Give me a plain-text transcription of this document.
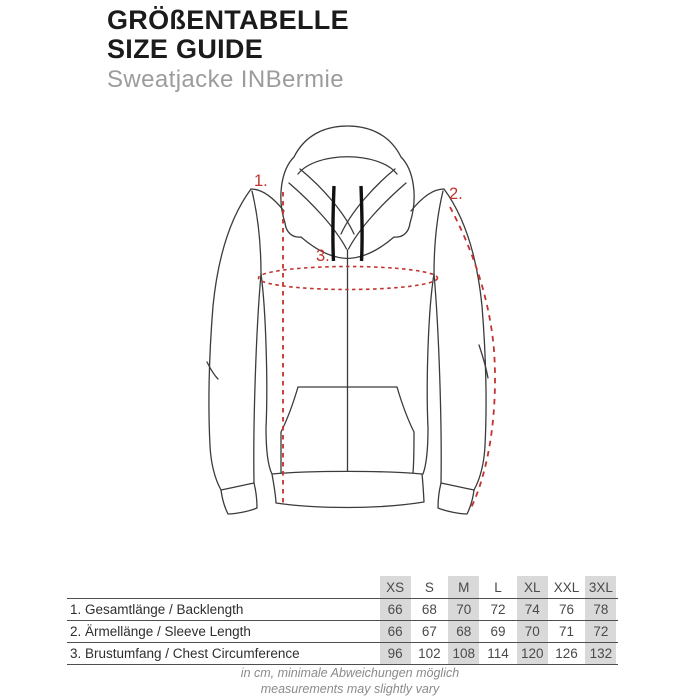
GRÖßENTABELLE
SIZE GUIDE
Sweatjacke INBermie
1.
2.
3.
	XS	S	M	L	XL	XXL	3XL
1. Gesamtlänge / Backlength	66	68	70	72	74	76	78
2. Ärmellänge / Sleeve Length	66	67	68	69	70	71	72
3. Brustumfang / Chest Circumference	96	102	108	114	120	126	132
in cm, minimale Abweichungen möglich
measurements may slightly vary
